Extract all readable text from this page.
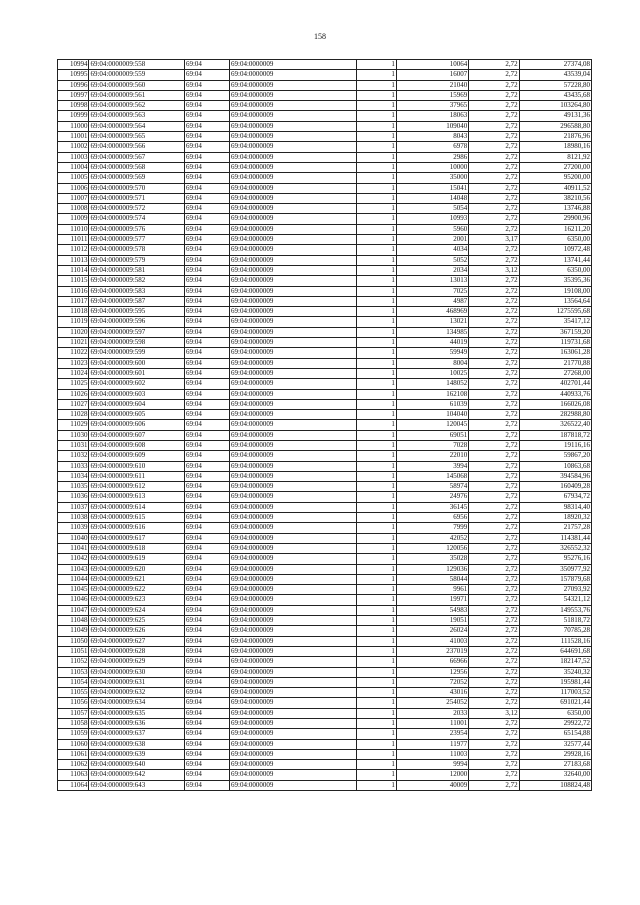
158
10994	69:04:0000009:558	69:04	69:04:0000009	1	10064	2,72	27374,08
10995	69:04:0000009:559	69:04	69:04:0000009	1	16007	2,72	43539,04
10996	69:04:0000009:560	69:04	69:04:0000009	1	21040	2,72	57228,80
10997	69:04:0000009:561	69:04	69:04:0000009	1	15969	2,72	43435,68
10998	69:04:0000009:562	69:04	69:04:0000009	1	37965	2,72	103264,80
10999	69:04:0000009:563	69:04	69:04:0000009	1	18063	2,72	49131,36
11000	69:04:0000009:564	69:04	69:04:0000009	1	109040	2,72	296588,80
11001	69:04:0000009:565	69:04	69:04:0000009	1	8043	2,72	21876,96
11002	69:04:0000009:566	69:04	69:04:0000009	1	6978	2,72	18980,16
11003	69:04:0000009:567	69:04	69:04:0000009	1	2986	2,72	8121,92
11004	69:04:0000009:568	69:04	69:04:0000009	1	10000	2,72	27200,00
11005	69:04:0000009:569	69:04	69:04:0000009	1	35000	2,72	95200,00
11006	69:04:0000009:570	69:04	69:04:0000009	1	15041	2,72	40911,52
11007	69:04:0000009:571	69:04	69:04:0000009	1	14048	2,72	38210,56
11008	69:04:0000009:572	69:04	69:04:0000009	1	5054	2,72	13746,88
11009	69:04:0000009:574	69:04	69:04:0000009	1	10993	2,72	29900,96
11010	69:04:0000009:576	69:04	69:04:0000009	1	5960	2,72	16211,20
11011	69:04:0000009:577	69:04	69:04:0000009	1	2001	3,17	6350,00
11012	69:04:0000009:578	69:04	69:04:0000009	1	4034	2,72	10972,48
11013	69:04:0000009:579	69:04	69:04:0000009	1	5052	2,72	13741,44
11014	69:04:0000009:581	69:04	69:04:0000009	1	2034	3,12	6350,00
11015	69:04:0000009:582	69:04	69:04:0000009	1	13013	2,72	35395,36
11016	69:04:0000009:583	69:04	69:04:0000009	1	7025	2,72	19108,00
11017	69:04:0000009:587	69:04	69:04:0000009	1	4987	2,72	13564,64
11018	69:04:0000009:595	69:04	69:04:0000009	1	468969	2,72	1275595,68
11019	69:04:0000009:596	69:04	69:04:0000009	1	13021	2,72	35417,12
11020	69:04:0000009:597	69:04	69:04:0000009	1	134985	2,72	367159,20
11021	69:04:0000009:598	69:04	69:04:0000009	1	44019	2,72	119731,68
11022	69:04:0000009:599	69:04	69:04:0000009	1	59949	2,72	163061,28
11023	69:04:0000009:600	69:04	69:04:0000009	1	8004	2,72	21770,88
11024	69:04:0000009:601	69:04	69:04:0000009	1	10025	2,72	27268,00
11025	69:04:0000009:602	69:04	69:04:0000009	1	148052	2,72	402701,44
11026	69:04:0000009:603	69:04	69:04:0000009	1	162108	2,72	440933,76
11027	69:04:0000009:604	69:04	69:04:0000009	1	61039	2,72	166026,08
11028	69:04:0000009:605	69:04	69:04:0000009	1	104040	2,72	282988,80
11029	69:04:0000009:606	69:04	69:04:0000009	1	120045	2,72	326522,40
11030	69:04:0000009:607	69:04	69:04:0000009	1	69051	2,72	187818,72
11031	69:04:0000009:608	69:04	69:04:0000009	1	7028	2,72	19116,16
11032	69:04:0000009:609	69:04	69:04:0000009	1	22010	2,72	59867,20
11033	69:04:0000009:610	69:04	69:04:0000009	1	3994	2,72	10863,68
11034	69:04:0000009:611	69:04	69:04:0000009	1	145068	2,72	394584,96
11035	69:04:0000009:612	69:04	69:04:0000009	1	58974	2,72	160409,28
11036	69:04:0000009:613	69:04	69:04:0000009	1	24976	2,72	67934,72
11037	69:04:0000009:614	69:04	69:04:0000009	1	36145	2,72	98314,40
11038	69:04:0000009:615	69:04	69:04:0000009	1	6956	2,72	18920,32
11039	69:04:0000009:616	69:04	69:04:0000009	1	7999	2,72	21757,28
11040	69:04:0000009:617	69:04	69:04:0000009	1	42052	2,72	114381,44
11041	69:04:0000009:618	69:04	69:04:0000009	1	120056	2,72	326552,32
11042	69:04:0000009:619	69:04	69:04:0000009	1	35028	2,72	95276,16
11043	69:04:0000009:620	69:04	69:04:0000009	1	129036	2,72	350977,92
11044	69:04:0000009:621	69:04	69:04:0000009	1	58044	2,72	157879,68
11045	69:04:0000009:622	69:04	69:04:0000009	1	9961	2,72	27093,92
11046	69:04:0000009:623	69:04	69:04:0000009	1	19971	2,72	54321,12
11047	69:04:0000009:624	69:04	69:04:0000009	1	54983	2,72	149553,76
11048	69:04:0000009:625	69:04	69:04:0000009	1	19051	2,72	51818,72
11049	69:04:0000009:626	69:04	69:04:0000009	1	26024	2,72	70785,28
11050	69:04:0000009:627	69:04	69:04:0000009	1	41003	2,72	111528,16
11051	69:04:0000009:628	69:04	69:04:0000009	1	237019	2,72	644691,68
11052	69:04:0000009:629	69:04	69:04:0000009	1	66966	2,72	182147,52
11053	69:04:0000009:630	69:04	69:04:0000009	1	12956	2,72	35240,32
11054	69:04:0000009:631	69:04	69:04:0000009	1	72052	2,72	195981,44
11055	69:04:0000009:632	69:04	69:04:0000009	1	43016	2,72	117003,52
11056	69:04:0000009:634	69:04	69:04:0000009	1	254052	2,72	691021,44
11057	69:04:0000009:635	69:04	69:04:0000009	1	2033	3,12	6350,00
11058	69:04:0000009:636	69:04	69:04:0000009	1	11001	2,72	29922,72
11059	69:04:0000009:637	69:04	69:04:0000009	1	23954	2,72	65154,88
11060	69:04:0000009:638	69:04	69:04:0000009	1	11977	2,72	32577,44
11061	69:04:0000009:639	69:04	69:04:0000009	1	11003	2,72	29928,16
11062	69:04:0000009:640	69:04	69:04:0000009	1	9994	2,72	27183,68
11063	69:04:0000009:642	69:04	69:04:0000009	1	12000	2,72	32640,00
11064	69:04:0000009:643	69:04	69:04:0000009	1	40009	2,72	108824,48
